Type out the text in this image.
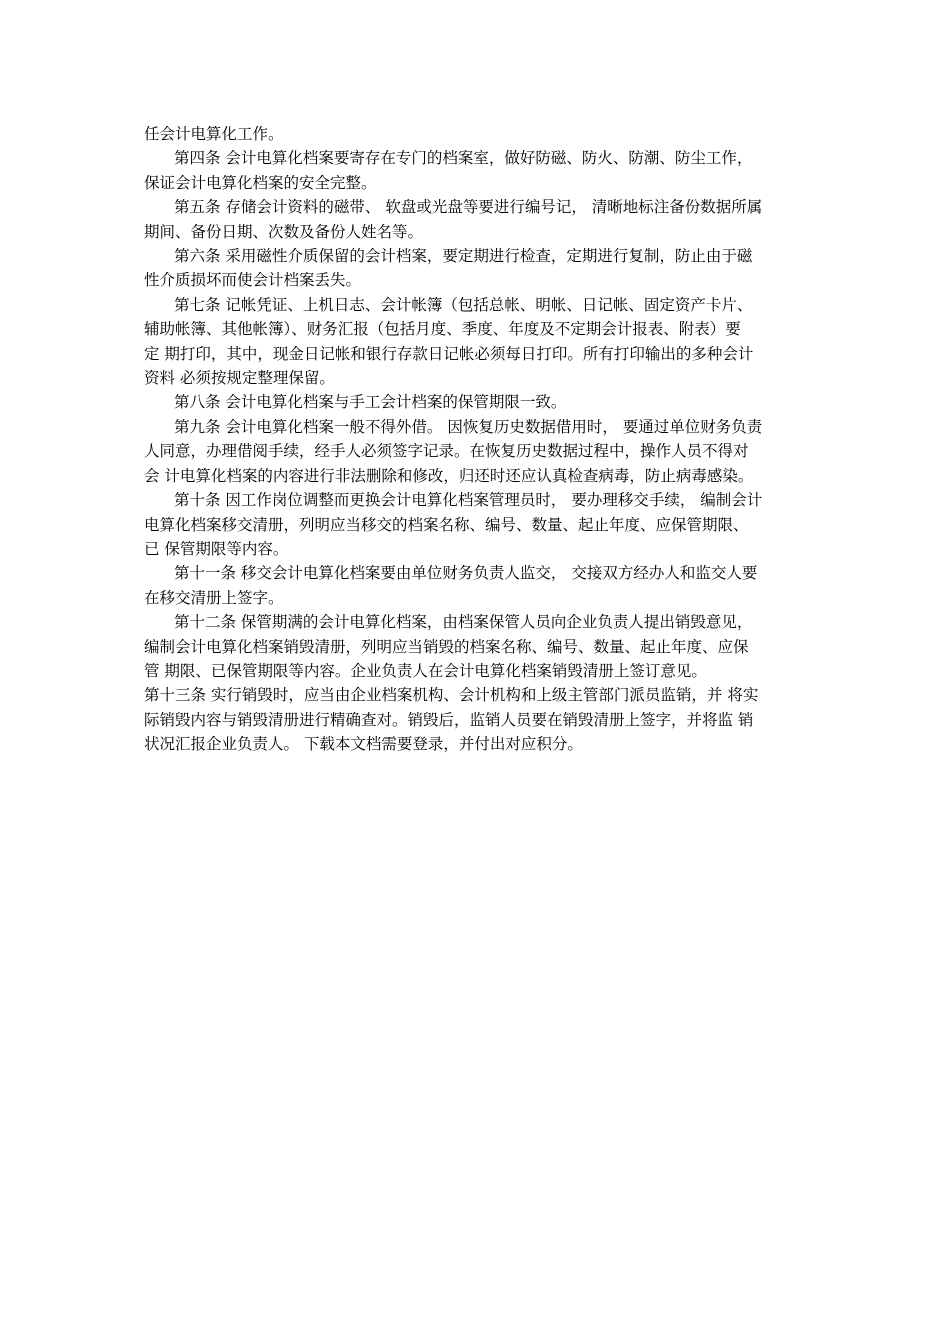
任会计电算化工作。

第四条 会计电算化档案要寄存在专门的档案室，做好防磁、防火、防潮、防尘工作，
保证会计电算化档案的安全完整。

第五条 存储会计资料的磁带、 软盘或光盘等要进行编号记， 清晰地标注备份数据所属
期间、备份日期、次数及备份人姓名等。

第六条 采用磁性介质保留的会计档案，要定期进行检查，定期进行复制，防止由于磁
性介质损坏而使会计档案丢失。

第七条 记帐凭证、上机日志、会计帐簿（包括总帐、明帐、日记帐、固定资产卡片、
辅助帐簿、其他帐簿）、财务汇报（包括月度、季度、年度及不定期会计报表、附表）要
定 期打印，其中，现金日记帐和银行存款日记帐必须每日打印。所有打印输出的多种会计
资料 必须按规定整理保留。

第八条 会计电算化档案与手工会计档案的保管期限一致。

第九条 会计电算化档案一般不得外借。 因恢复历史数据借用时， 要通过单位财务负责
人同意，办理借阅手续，经手人必须签字记录。在恢复历史数据过程中，操作人员不得对
会 计电算化档案的内容进行非法删除和修改，归还时还应认真检查病毒，防止病毒感染。

第十条 因工作岗位调整而更换会计电算化档案管理员时， 要办理移交手续， 编制会计
电算化档案移交清册，列明应当移交的档案名称、编号、数量、起止年度、应保管期限、
已 保管期限等内容。

第十一条 移交会计电算化档案要由单位财务负责人监交， 交接双方经办人和监交人要
在移交清册上签字。

第十二条 保管期满的会计电算化档案，由档案保管人员向企业负责人提出销毁意见，
编制会计电算化档案销毁清册，列明应当销毁的档案名称、编号、数量、起止年度、应保
管 期限、已保管期限等内容。企业负责人在会计电算化档案销毁清册上签订意见。

第十三条 实行销毁时，应当由企业档案机构、会计机构和上级主管部门派员监销，并 将实
际销毁内容与销毁清册进行精确查对。销毁后，监销人员要在销毁清册上签字，并将监 销
状况汇报企业负责人。 下载本文档需要登录，并付出对应积分。
